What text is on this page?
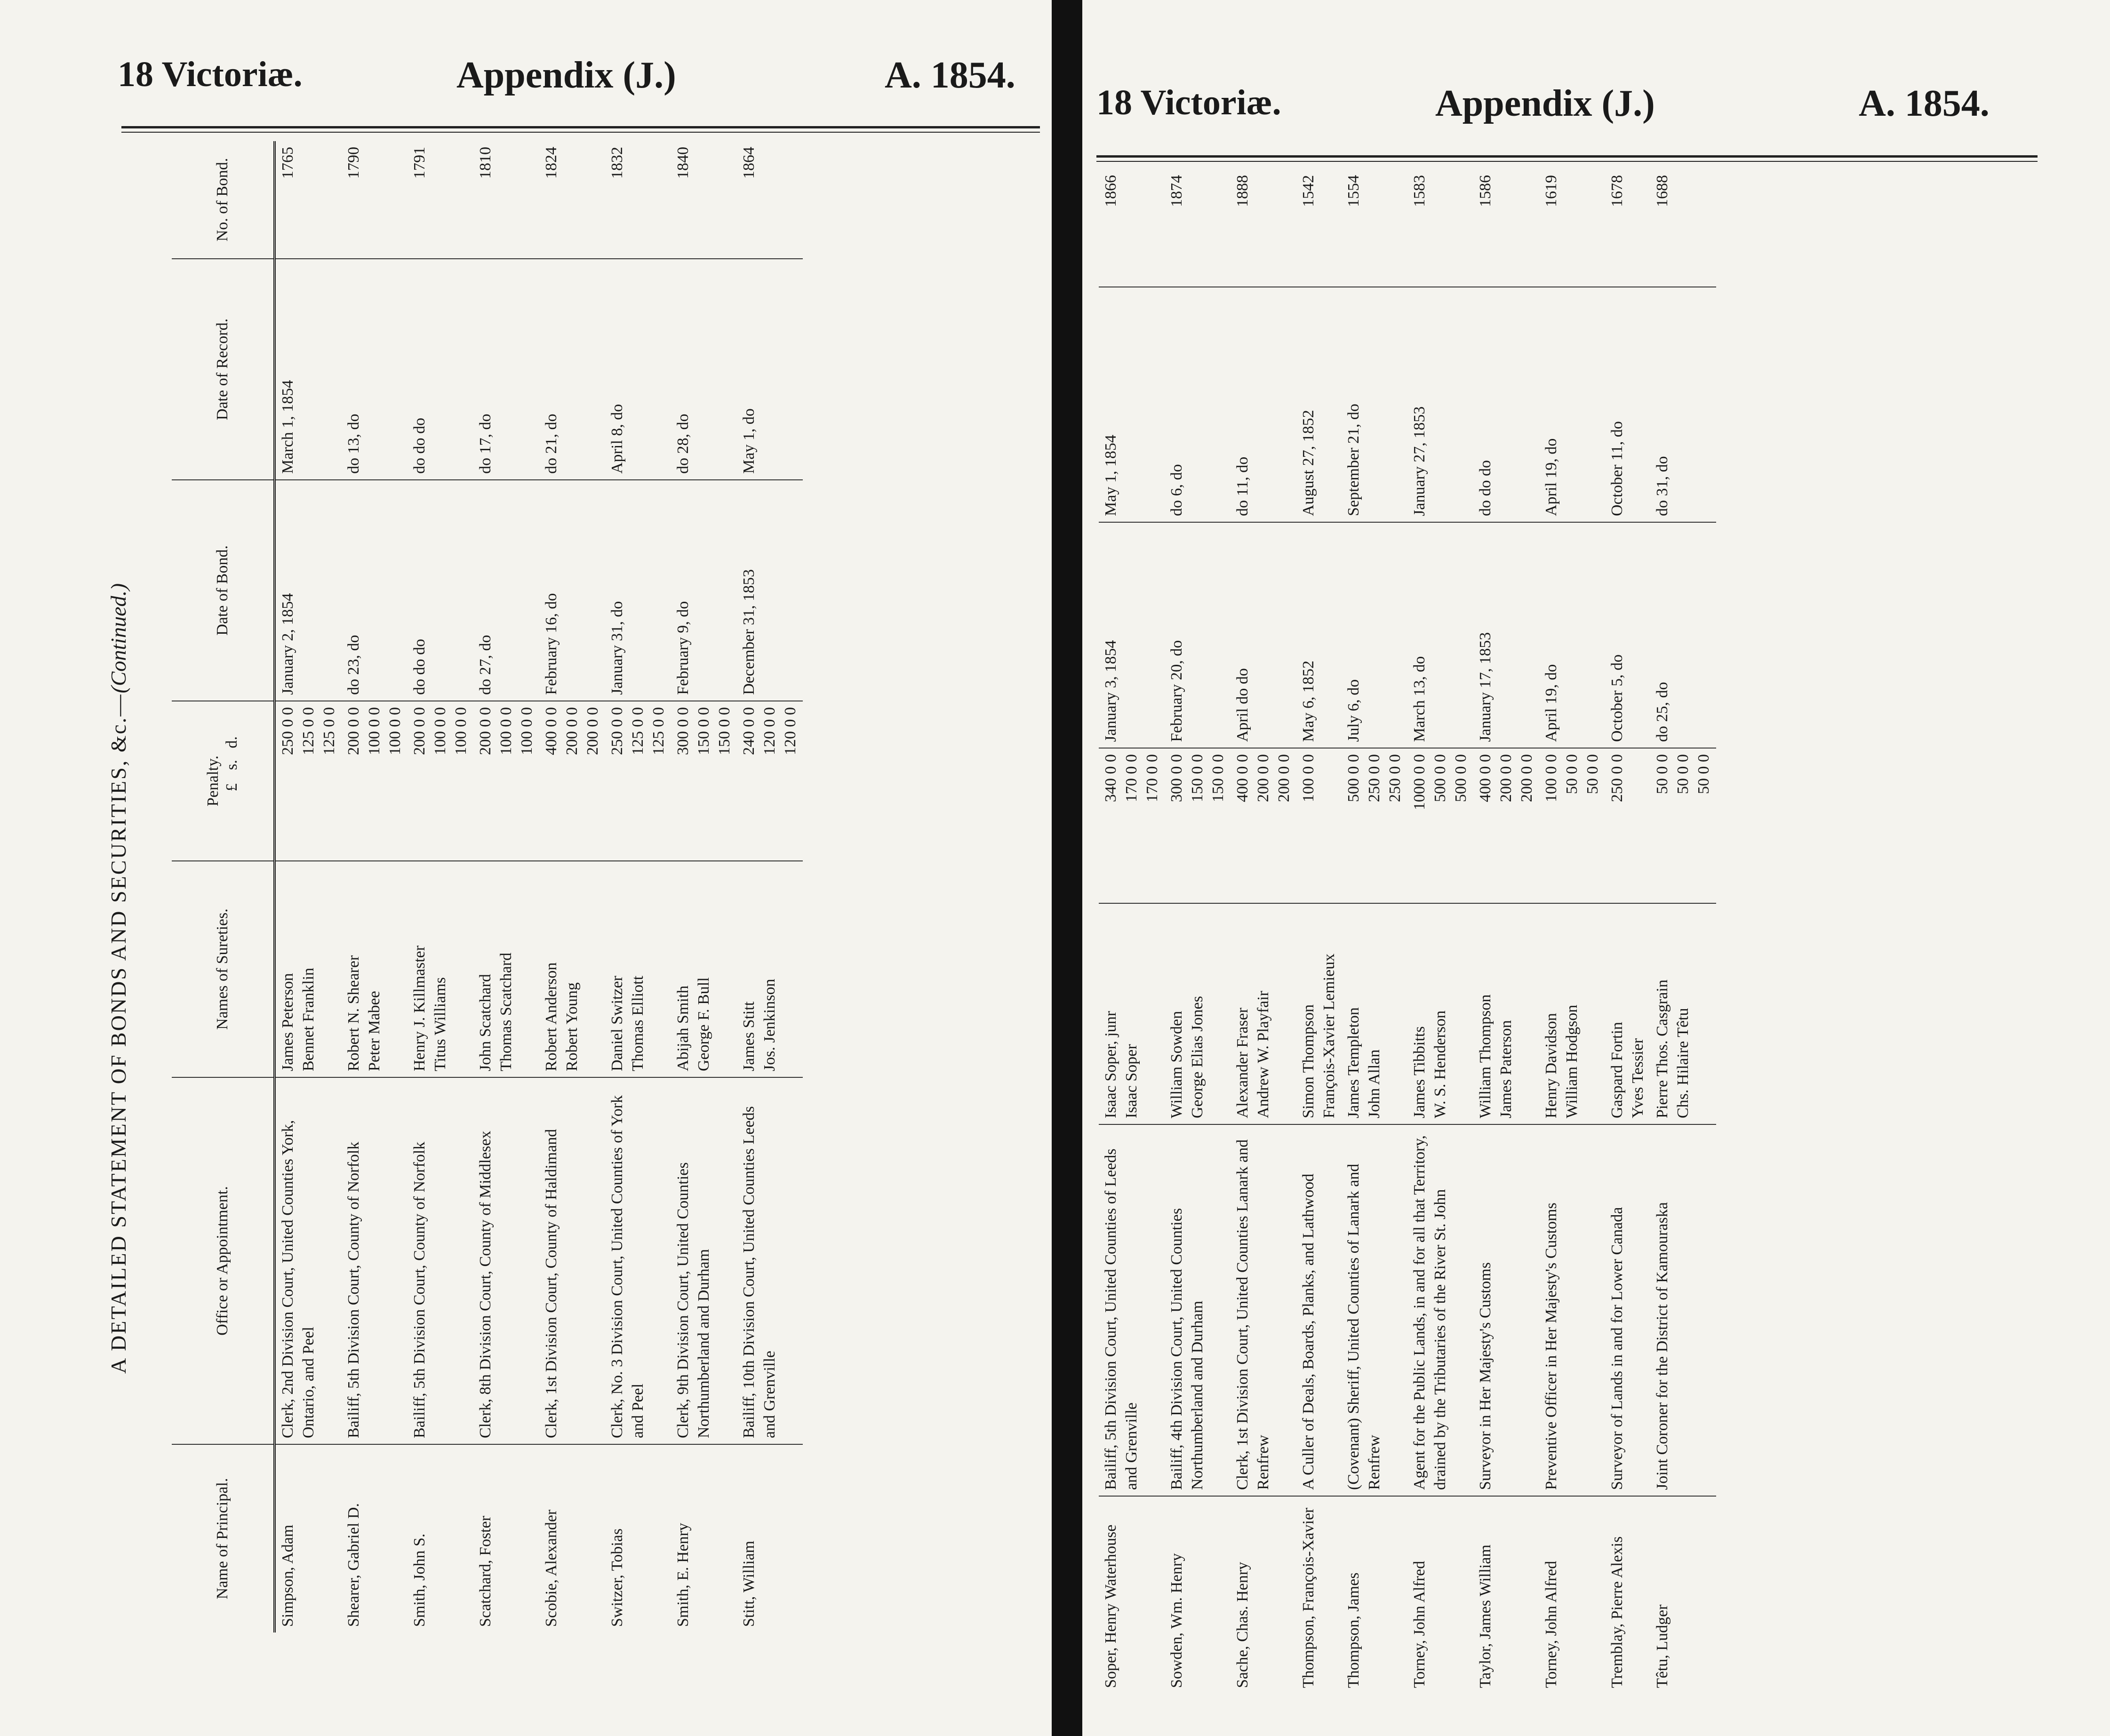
18 Victoriæ.	Appendix (J.)	A. 1854.
A DETAILED STATEMENT OF BONDS AND SECURITIES, &c.—(Continued.)
Name of Principal.	Office or Appointment.	Names of Sureties.	Penalty. £s.d.	Date of Bond.	Date of Record.	No. of Bond.
Simpson, Adam	Clerk, 2nd Division Court, United Counties York, Ontario, and Peel	James Peterson Bennet Franklin	250 0 0 125 0 0 125 0 0	January 2, 1854	March 1, 1854	1765
Shearer, Gabriel D.	Bailiff, 5th Division Court, County of Norfolk	Robert N. Shearer Peter Mabee	200 0 0 100 0 0 100 0 0	do 23, do	do 13, do	1790
Smith, John S.	Bailiff, 5th Division Court, County of Norfolk	Henry J. Killmaster Titus Williams	200 0 0 100 0 0 100 0 0	do do do	do do do	1791
Scatchard, Foster	Clerk, 8th Division Court, County of Middlesex	John Scatchard Thomas Scatchard	200 0 0 100 0 0 100 0 0	do 27, do	do 17, do	1810
Scobie, Alexander	Clerk, 1st Division Court, County of Haldimand	Robert Anderson Robert Young	400 0 0 200 0 0 200 0 0	February 16, do	do 21, do	1824
Switzer, Tobias	Clerk, No. 3 Division Court, United Counties of York and Peel	Daniel Switzer Thomas Elliott	250 0 0 125 0 0 125 0 0	January 31, do	April 8, do	1832
Smith, E. Henry	Clerk, 9th Division Court, United Counties Northumberland and Durham	Abijah Smith George F. Bull	300 0 0 150 0 0 150 0 0	February 9, do	do 28, do	1840
Stitt, William	Bailiff, 10th Division Court, United Counties Leeds and Grenville	James Stitt Jos. Jenkinson	240 0 0 120 0 0 120 0 0	December 31, 1853	May 1, do	1864
18 Victoriæ.	Appendix (J.)	A. 1854.
Soper, Henry Waterhouse	Bailiff, 5th Division Court, United Counties of Leeds and Grenville	Isaac Soper, junr Isaac Soper	340 0 0 170 0 0 170 0 0	January 3, 1854	May 1, 1854	1866
Sowden, Wm. Henry	Bailiff, 4th Division Court, United Counties Northumberland and Durham	William Sowden George Elias Jones	300 0 0 150 0 0 150 0 0	February 20, do	do 6, do	1874
Sache, Chas. Henry	Clerk, 1st Division Court, United Counties Lanark and Renfrew	Alexander Fraser Andrew W. Playfair	400 0 0 200 0 0 200 0 0	April do do	do 11, do	1888
Thompson, François-Xavier	A Culler of Deals, Boards, Planks, and Lathwood	Simon Thompson François-Xavier Lemieux	100 0 0	May 6, 1852	August 27, 1852	1542
Thompson, James	(Covenant) Sheriff, United Counties of Lanark and Renfrew	James Templeton John Allan	500 0 0 250 0 0 250 0 0	July 6, do	September 21, do	1554
Torney, John Alfred	Agent for the Public Lands, in and for all that Territory, drained by the Tributaries of the River St. John	James Tibbitts W. S. Henderson	1000 0 0 500 0 0 500 0 0	March 13, do	January 27, 1853	1583
Taylor, James William	Surveyor in Her Majesty's Customs	William Thompson James Paterson	400 0 0 200 0 0 200 0 0	January 17, 1853	do do do	1586
Torney, John Alfred	Preventive Officer in Her Majesty's Customs	Henry Davidson William Hodgson	100 0 0 50 0 0 50 0 0	April 19, do	April 19, do	1619
Tremblay, Pierre Alexis	Surveyor of Lands in and for Lower Canada	Gaspard Fortin Yves Tessier	250 0 0	October 5, do	October 11, do	1678
Têtu, Ludger	Joint Coroner for the District of Kamouraska	Pierre Thos. Casgrain Chs. Hilaire Têtu	50 0 0 50 0 0 50 0 0	do 25, do	do 31, do	1688
